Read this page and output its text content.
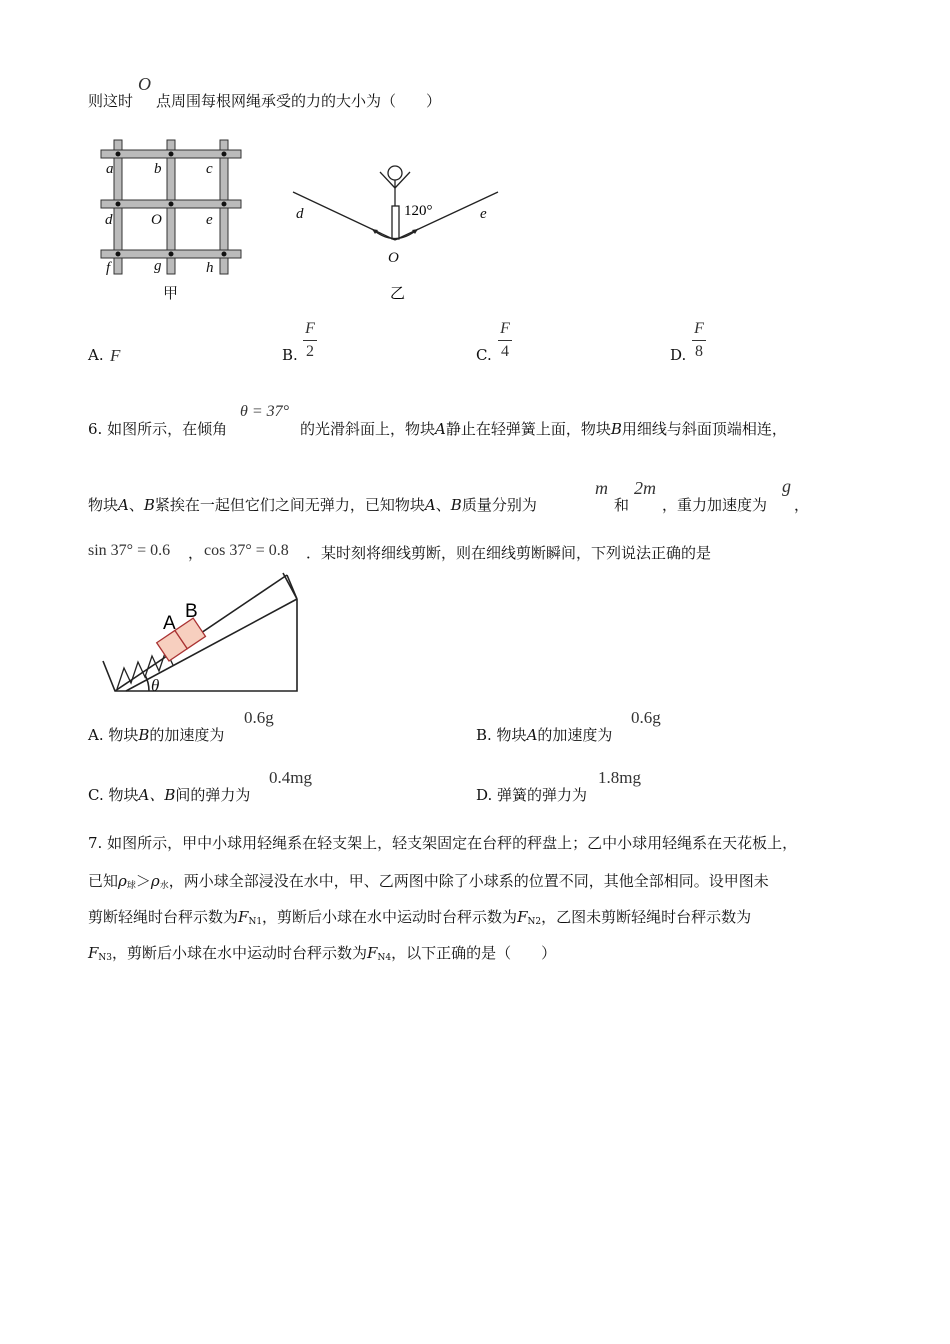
则这时
O
点周围每根网绳承受的力的大小为（　　）
a	b	c
d	O	e
f	g	h
甲
d	e
O
120°
乙
A. F	B.
F
2	C.
F
4	D.
F
8
6. 如图所示，在倾角
θ = 37°
的光滑斜面上，物块A静止在轻弹簧上面，物块B用细线与斜面顶端相连，
物块A、B紧挨在一起但它们之间无弹力，已知物块A、B质量分别为
m
和
2m
，重力加速度为
g
，
sin 37° = 0.6 ， cos 37° = 0.8 ．某时刻将细线剪断，则在细线剪断瞬间，下列说法正确的是
A
B
θ
A. 物块B的加速度为
0.6g
B. 物块A的加速度为
0.6g
C. 物块A、B间的弹力为
0.4mg
D. 弹簧的弹力为
1.8mg
7. 如图所示，甲中小球用轻绳系在轻支架上，轻支架固定在台秤的秤盘上；乙中小球用轻绳系在天花板上，
已知$\rho_球>\rho_水$，两小球全部浸没在水中，甲、乙两图中除了小球系的位置不同，其他全部相同。设甲图未
剪断轻绳时台秤示数为$F_{N1}$，剪断后小球在水中运动时台秤示数为$F_{N2}$，乙图未剪断轻绳时台秤示数为
$F_{N3}$，剪断后小球在水中运动时台秤示数为$F_{N4}$，以下正确的是（　　）
